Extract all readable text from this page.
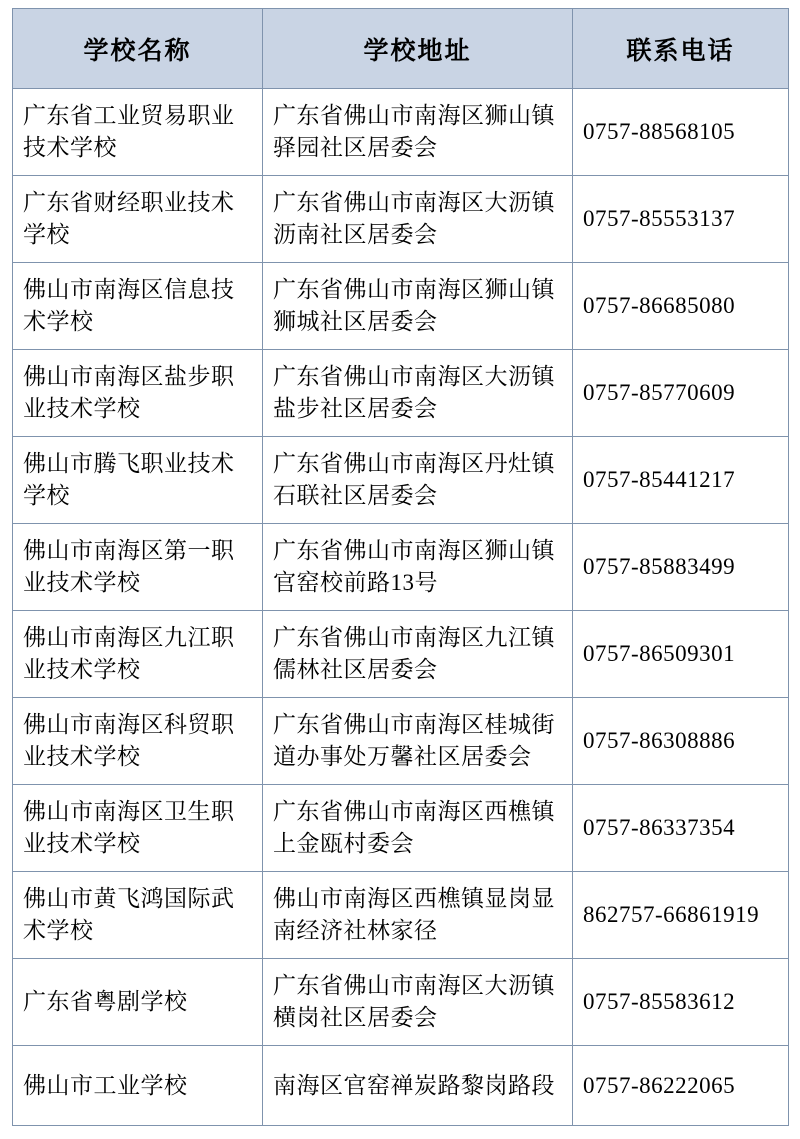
学校名称	学校地址	联系电话
广东省工业贸易职业技术学校	广东省佛山市南海区狮山镇驿园社区居委会	0757-88568105
广东省财经职业技术学校	广东省佛山市南海区大沥镇沥南社区居委会	0757-85553137
佛山市南海区信息技术学校	广东省佛山市南海区狮山镇狮城社区居委会	0757-86685080
佛山市南海区盐步职业技术学校	广东省佛山市南海区大沥镇盐步社区居委会	0757-85770609
佛山市腾飞职业技术学校	广东省佛山市南海区丹灶镇石联社区居委会	0757-85441217
佛山市南海区第一职业技术学校	广东省佛山市南海区狮山镇官窑校前路13号	0757-85883499
佛山市南海区九江职业技术学校	广东省佛山市南海区九江镇儒林社区居委会	0757-86509301
佛山市南海区科贸职业技术学校	广东省佛山市南海区桂城街道办事处万馨社区居委会	0757-86308886
佛山市南海区卫生职业技术学校	广东省佛山市南海区西樵镇上金瓯村委会	0757-86337354
佛山市黄飞鸿国际武术学校	佛山市南海区西樵镇显岗显南经济社林家径	862757-66861919
广东省粤剧学校	广东省佛山市南海区大沥镇横岗社区居委会	0757-85583612
佛山市工业学校	南海区官窑禅炭路黎岗路段	0757-86222065
